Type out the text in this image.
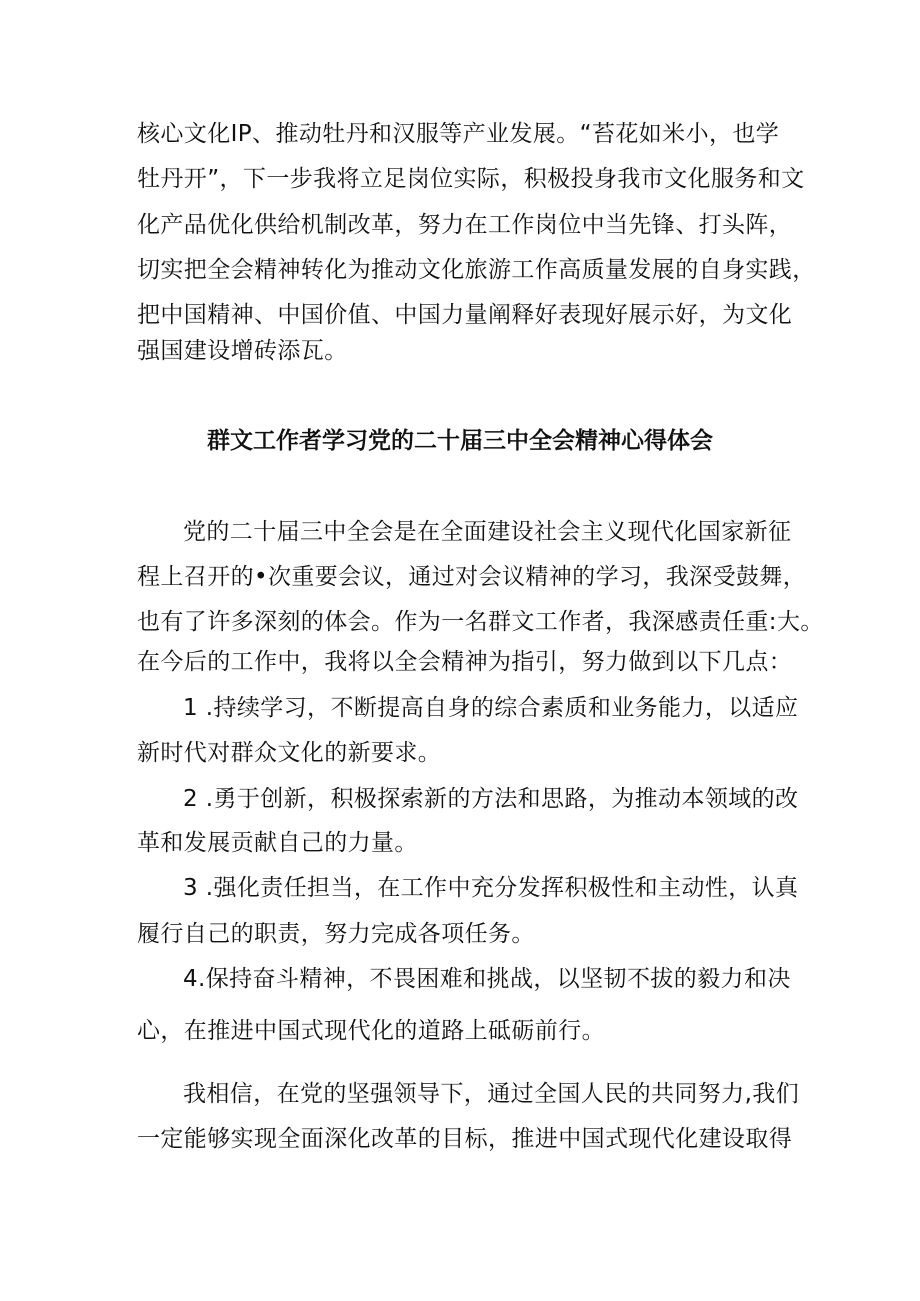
核心文化IP、推动牡丹和汉服等产业发展。“苔花如米小，也学
牡丹开”，下一步我将立足岗位实际，积极投身我市文化服务和文
化产品优化供给机制改革，努力在工作岗位中当先锋、打头阵，
切实把全会精神转化为推动文化旅游工作高质量发展的自身实践，
把中国精神、中国价值、中国力量阐释好表现好展示好，为文化
强国建设增砖添瓦。
群文工作者学习党的二十届三中全会精神心得体会
党的二十届三中全会是在全面建设社会主义现代化国家新征
程上召开的•次重要会议，通过对会议精神的学习，我深受鼓舞，
也有了许多深刻的体会。作为一名群文工作者，我深感责任重:大。
在今后的工作中，我将以全会精神为指引，努力做到以下几点：
1 .持续学习，不断提高自身的综合素质和业务能力，以适应
新时代对群众文化的新要求。
2 .勇于创新，积极探索新的方法和思路，为推动本领域的改
革和发展贡献自己的力量。
3 .强化责任担当，在工作中充分发挥积极性和主动性，认真
履行自己的职责，努力完成各项任务。
4.保持奋斗精神，不畏困难和挑战，以坚韧不拔的毅力和决
心，在推进中国式现代化的道路上砥砺前行。
我相信，在党的坚强领导下，通过全国人民的共同努力,我们
一定能够实现全面深化改革的目标，推进中国式现代化建设取得
